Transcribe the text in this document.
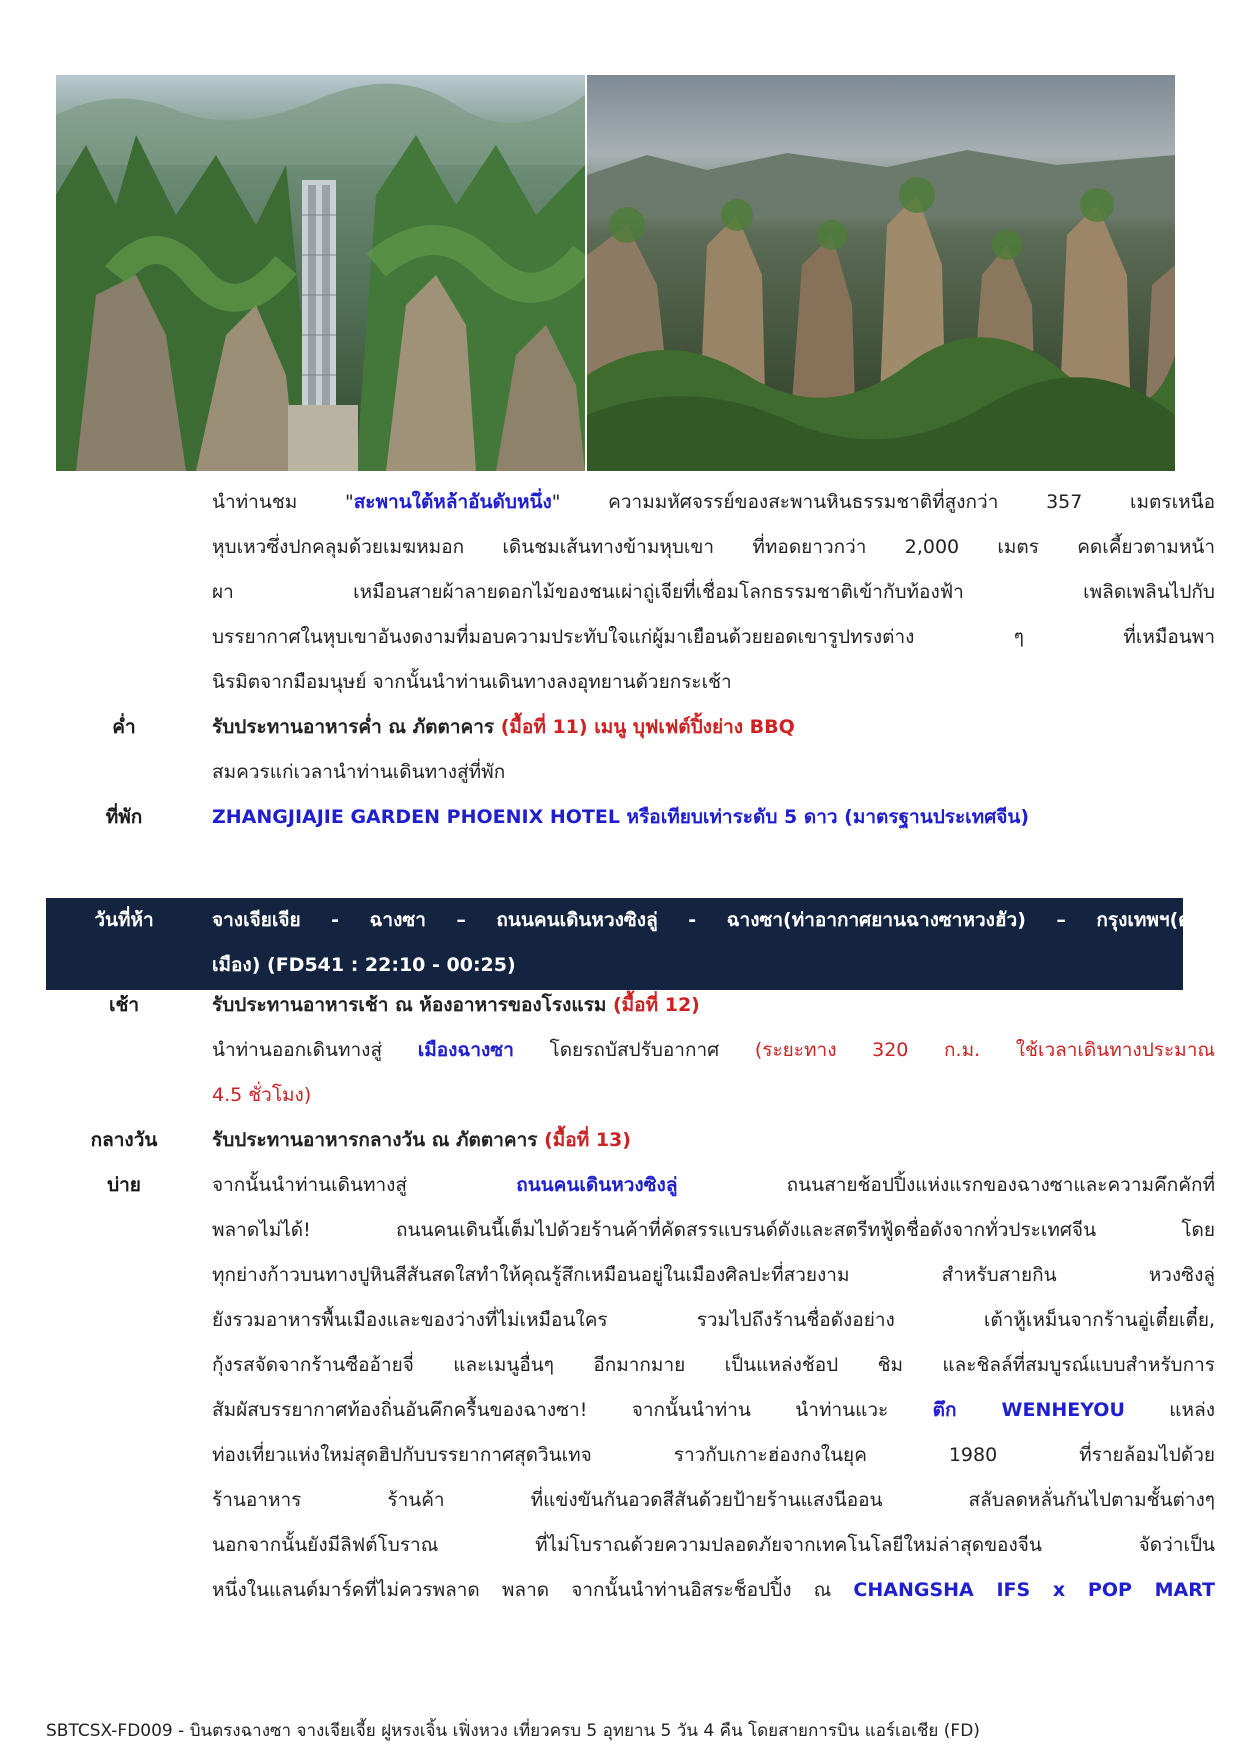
นำท่านชม "สะพานใต้หล้าอันดับหนึ่ง" ความมหัศจรรย์ของสะพานหินธรรมชาติที่สูงกว่า 357 เมตรเหนือ
หุบเหวซึ่งปกคลุมด้วยเมฆหมอก เดินชมเส้นทางข้ามหุบเขา ที่ทอดยาวกว่า 2,000 เมตร คดเคี้ยวตามหน้า
ผา เหมือนสายผ้าลายดอกไม้ของชนเผ่าถู่เจียที่เชื่อมโลกธรรมชาติเข้ากับท้องฟ้า เพลิดเพลินไปกับ
บรรยากาศในหุบเขาอันงดงามที่มอบความประทับใจแก่ผู้มาเยือนด้วยยอดเขารูปทรงต่าง ๆ ที่เหมือนพา
นิรมิตจากมือมนุษย์ จากนั้นนำท่านเดินทางลงอุทยานด้วยกระเช้า
ค่ำ	รับประทานอาหารค่ำ ณ ภัตตาคาร (มื้อที่ 11) เมนู บุฟเฟต์ปิ้งย่าง BBQ
สมควรแก่เวลานำท่านเดินทางสู่ที่พัก
ที่พัก	ZHANGJIAJIE GARDEN PHOENIX HOTEL หรือเทียบเท่าระดับ 5 ดาว (มาตรฐานประเทศจีน)
วันที่ห้า	จางเจียเจีย - ฉางซา – ถนนคนเดินหวงซิงลู่ - ฉางซา(ท่าอากาศยานฉางซาหวงฮัว) – กรุงเทพฯ(ดอน
เมือง) (FD541 : 22:10 - 00:25)
เช้า	รับประทานอาหารเช้า ณ ห้องอาหารของโรงแรม (มื้อที่ 12)
นำท่านออกเดินทางสู่ เมืองฉางซา โดยรถบัสปรับอากาศ (ระยะทาง 320 ก.ม. ใช้เวลาเดินทางประมาณ
4.5 ชั่วโมง)
กลางวัน	รับประทานอาหารกลางวัน ณ ภัตตาคาร (มื้อที่ 13)
บ่าย	จากนั้นนำท่านเดินทางสู่ ถนนคนเดินหวงซิงลู่ ถนนสายช้อปปิ้งแห่งแรกของฉางซาและความคึกคักที่
พลาดไม่ได้! ถนนคนเดินนี้เต็มไปด้วยร้านค้าที่คัดสรรแบรนด์ดังและสตรีทฟู้ดชื่อดังจากทั่วประเทศจีน โดย
ทุกย่างก้าวบนทางปูหินสีสันสดใสทำให้คุณรู้สึกเหมือนอยู่ในเมืองศิลปะที่สวยงาม สำหรับสายกิน หวงซิงลู่
ยังรวมอาหารพื้นเมืองและของว่างที่ไม่เหมือนใคร รวมไปถึงร้านชื่อดังอย่าง เต้าหู้เหม็นจากร้านอู่เตี๋ยเตี๋ย,
กุ้งรสจัดจากร้านซืออ้ายจี่ และเมนูอื่นๆ อีกมากมาย เป็นแหล่งช้อป ชิม และชิลล์ที่สมบูรณ์แบบสำหรับการ
สัมผัสบรรยากาศท้องถิ่นอันคึกครื้นของฉางซา! จากนั้นนำท่าน นำท่านแวะ ตึก WENHEYOU แหล่ง
ท่องเที่ยวแห่งใหม่สุดฮิปกับบรรยากาศสุดวินเทจ ราวกับเกาะฮ่องกงในยุค 1980 ที่รายล้อมไปด้วย
ร้านอาหาร ร้านค้า ที่แข่งขันกันอวดสีสันด้วยป้ายร้านแสงนีออน สลับลดหลั่นกันไปตามชั้นต่างๆ
นอกจากนั้นยังมีลิฟต์โบราณ ที่ไม่โบราณด้วยความปลอดภัยจากเทคโนโลยีใหม่ล่าสุดของจีน จัดว่าเป็น
หนึ่งในแลนด์มาร์คที่ไม่ควรพลาด พลาด จากนั้นนำท่านอิสระช็อปปิ้ง ณ CHANGSHA IFS x POP MART
SBTCSX-FD009 - บินตรงฉางซา จางเจียเจี้ย ฝูหรงเจิ้น เฟิ่งหวง เที่ยวครบ 5 อุทยาน 5 วัน 4 คืน โดยสายการบิน แอร์เอเชีย (FD)
